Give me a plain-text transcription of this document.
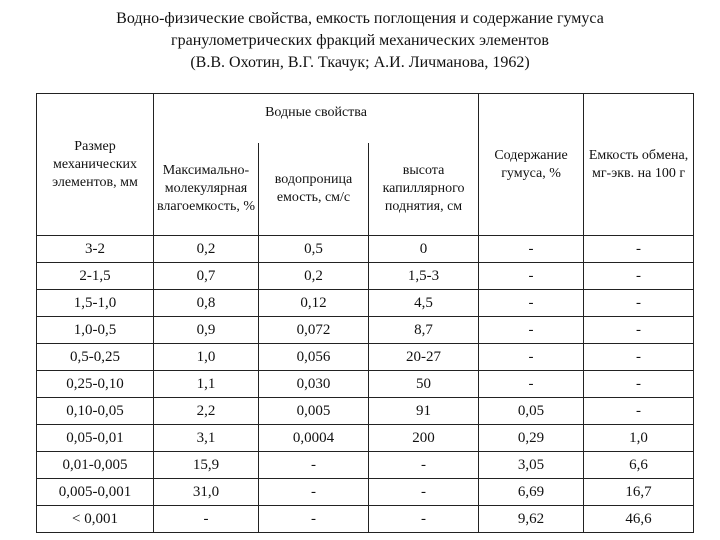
Водно-физические свойства, емкость поглощения и содержание гумуса
гранулометрических фракций механических элементов
(В.В. Охотин, В.Г. Ткачук; А.И. Личманова, 1962)
Размер механических элементов, мм	Водные свойства			Содержание гумуса, %	Емкость обмена, мг-экв. на 100 г
	Максимально-молекулярная влагоемкость, %	водопроница емость, см/с	высота капиллярного поднятия, см		
3-2	0,2	0,5	0	-	-
2-1,5	0,7	0,2	1,5-3	-	-
1,5-1,0	0,8	0,12	4,5	-	-
1,0-0,5	0,9	0,072	8,7	-	-
0,5-0,25	1,0	0,056	20-27	-	-
0,25-0,10	1,1	0,030	50	-	-
0,10-0,05	2,2	0,005	91	0,05	-
0,05-0,01	3,1	0,0004	200	0,29	1,0
0,01-0,005	15,9	-	-	3,05	6,6
0,005-0,001	31,0	-	-	6,69	16,7
< 0,001	-	-	-	9,62	46,6
